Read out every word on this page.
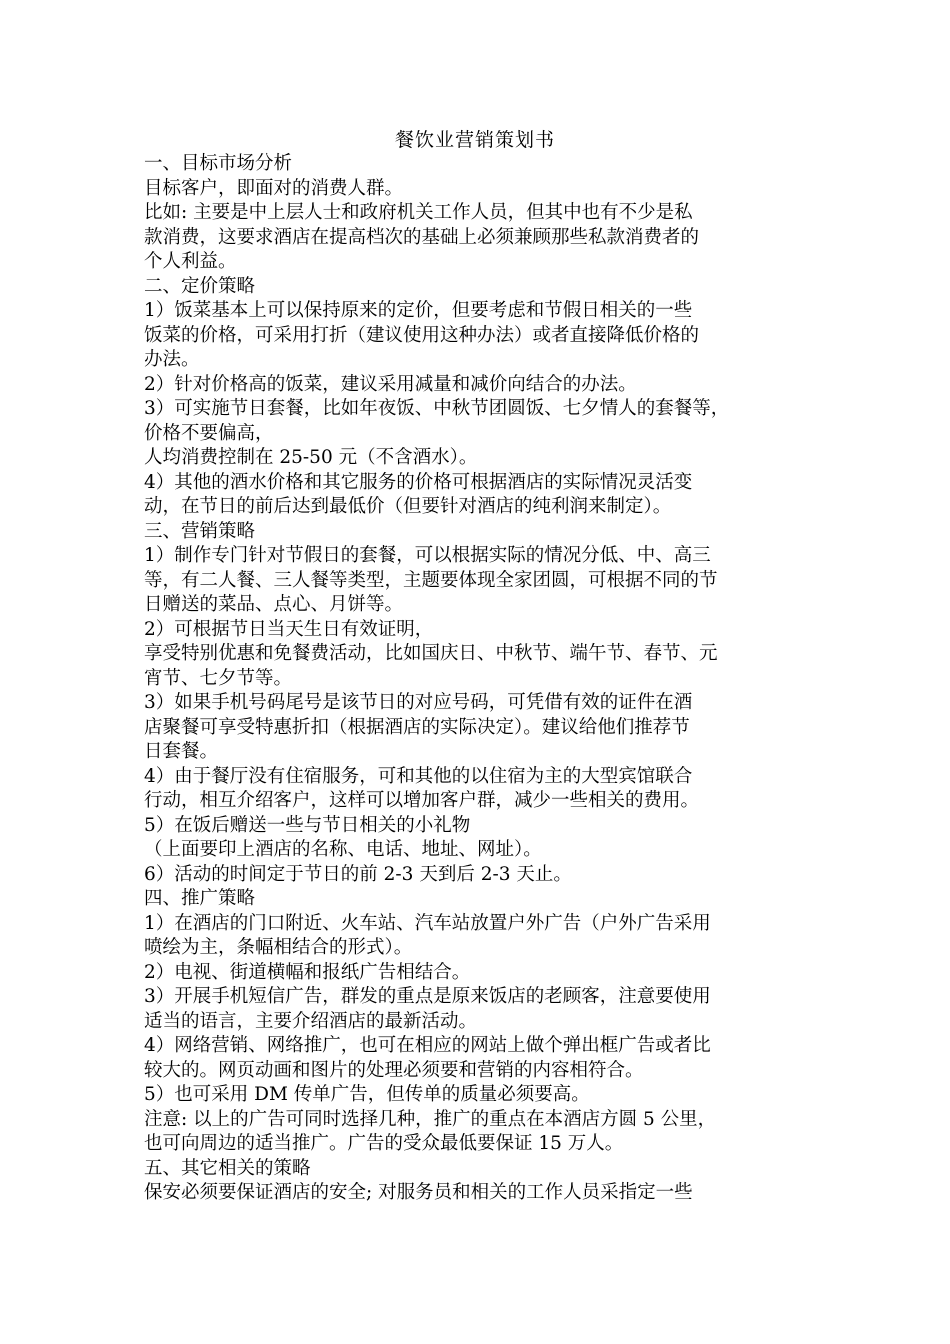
餐饮业营销策划书
一、目标市场分析
目标客户，即面对的消费人群。
比如: 主要是中上层人士和政府机关工作人员，但其中也有不少是私
款消费，这要求酒店在提高档次的基础上必须兼顾那些私款消费者的
个人利益。
二、定价策略
1）饭菜基本上可以保持原来的定价，但要考虑和节假日相关的一些
饭菜的价格，可采用打折（建议使用这种办法）或者直接降低价格的
办法。
2）针对价格高的饭菜，建议采用减量和减价向结合的办法。
3）可实施节日套餐，比如年夜饭、中秋节团圆饭、七夕情人的套餐等，
价格不要偏高，
人均消费控制在 25-50 元（不含酒水）。
4）其他的酒水价格和其它服务的价格可根据酒店的实际情况灵活变
动，在节日的前后达到最低价（但要针对酒店的纯利润来制定）。
三、营销策略
1）制作专门针对节假日的套餐，可以根据实际的情况分低、中、高三
等，有二人餐、三人餐等类型，主题要体现全家团圆，可根据不同的节
日赠送的菜品、点心、月饼等。
2）可根据节日当天生日有效证明，
享受特别优惠和免餐费活动，比如国庆日、中秋节、端午节、春节、元
宵节、七夕节等。
3）如果手机号码尾号是该节日的对应号码，可凭借有效的证件在酒
店聚餐可享受特惠折扣（根据酒店的实际决定）。建议给他们推荐节
日套餐。
4）由于餐厅没有住宿服务，可和其他的以住宿为主的大型宾馆联合
行动，相互介绍客户，这样可以增加客户群，减少一些相关的费用。
5）在饭后赠送一些与节日相关的小礼物
（上面要印上酒店的名称、电话、地址、网址）。
6）活动的时间定于节日的前 2-3 天到后 2-3 天止。
四、推广策略
1）在酒店的门口附近、火车站、汽车站放置户外广告（户外广告采用
喷绘为主，条幅相结合的形式）。
2）电视、街道横幅和报纸广告相结合。
3）开展手机短信广告，群发的重点是原来饭店的老顾客，注意要使用
适当的语言，主要介绍酒店的最新活动。
4）网络营销、网络推广，也可在相应的网站上做个弹出框广告或者比
较大的。网页动画和图片的处理必须要和营销的内容相符合。
5）也可采用 DM 传单广告，但传单的质量必须要高。
注意: 以上的广告可同时选择几种，推广的重点在本酒店方圆 5 公里，
也可向周边的适当推广。广告的受众最低要保证 15 万人。
五、其它相关的策略
保安必须要保证酒店的安全; 对服务员和相关的工作人员采指定一些
